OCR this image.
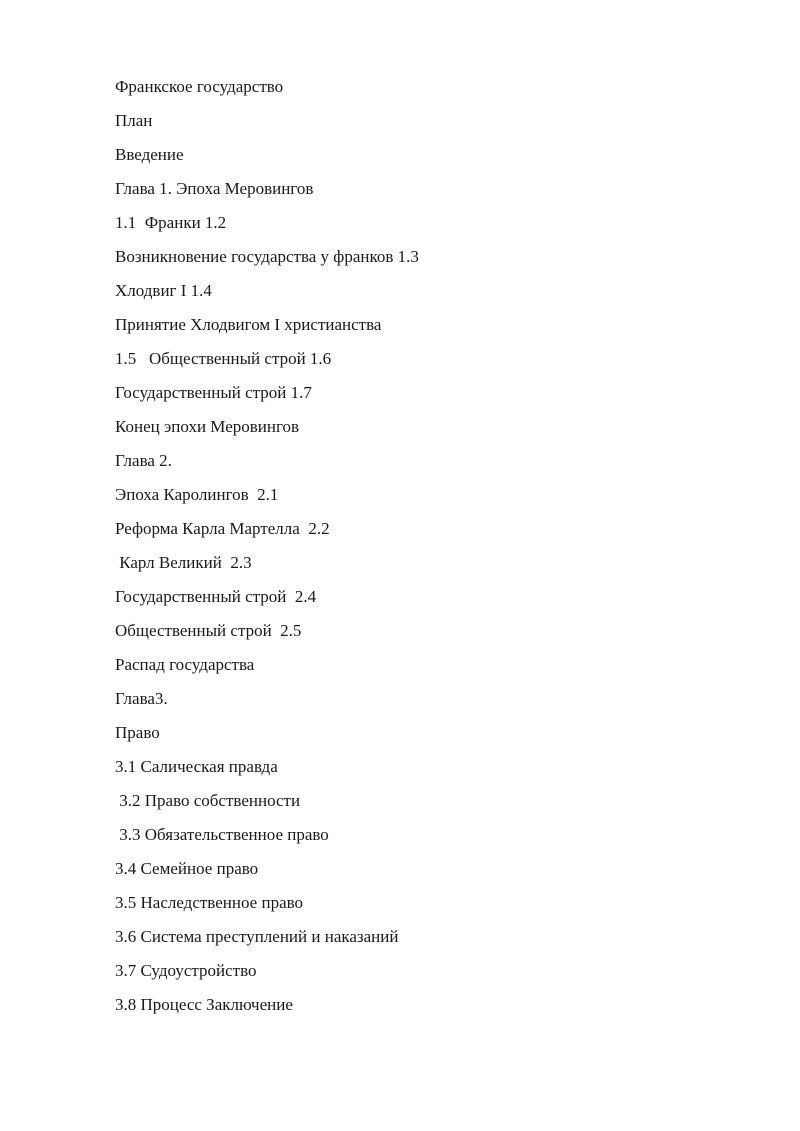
Франкское государство

План

Введение

Глава 1. Эпоха Меровингов

1.1  Франки 1.2

Возникновение государства у франков 1.3

Хлодвиг I 1.4

Принятие Хлодвигом I христианства

1.5   Общественный строй 1.6

Государственный строй 1.7

Конец эпохи Меровингов

Глава 2.

Эпоха Каролингов  2.1

Реформа Карла Мартелла  2.2

Карл Великий  2.3

Государственный строй  2.4

Общественный строй  2.5

Распад государства

Глава3.

Право

3.1 Салическая правда

3.2 Право собственности

3.3 Обязательственное право

3.4 Семейное право

3.5 Наследственное право

3.6 Система преступлений и наказаний

3.7 Судоустройство

3.8 Процесс Заключение
